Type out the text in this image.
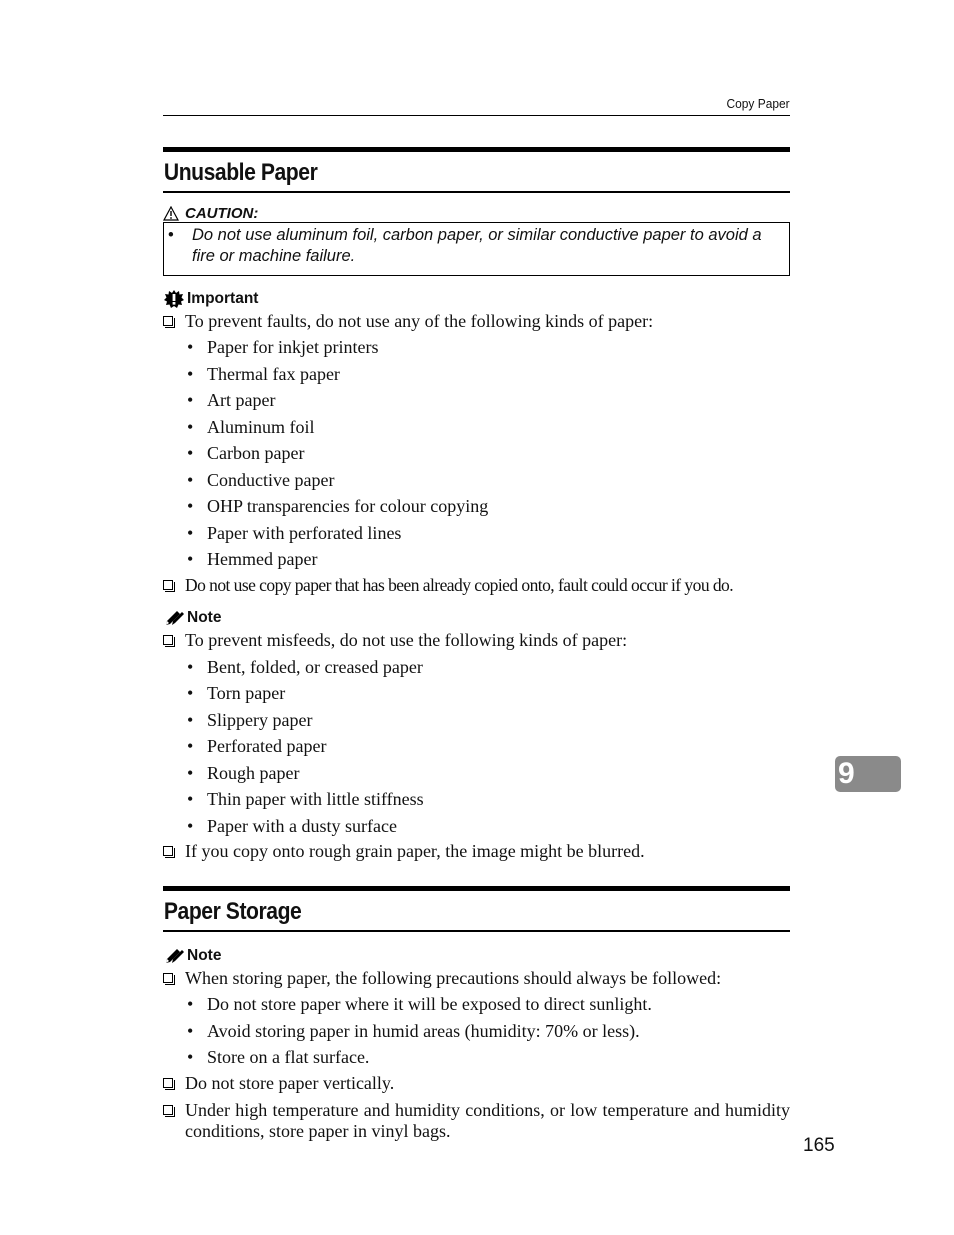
Copy Paper
Unusable Paper
CAUTION:
• Do not use aluminum foil, carbon paper, or similar conductive paper to avoid a fire or machine failure.
Important
To prevent faults, do not use any of the following kinds of paper:
• Paper for inkjet printers
• Thermal fax paper
• Art paper
• Aluminum foil
• Carbon paper
• Conductive paper
• OHP transparencies for colour copying
• Paper with perforated lines
• Hemmed paper
Do not use copy paper that has been already copied onto, fault could occur if you do.
Note
To prevent misfeeds, do not use the following kinds of paper:
• Bent, folded, or creased paper
• Torn paper
• Slippery paper
• Perforated paper
• Rough paper
• Thin paper with little stiffness
• Paper with a dusty surface
If you copy onto rough grain paper, the image might be blurred.
Paper Storage
Note
When storing paper, the following precautions should always be followed:
• Do not store paper where it will be exposed to direct sunlight.
• Avoid storing paper in humid areas (humidity: 70% or less).
• Store on a flat surface.
Do not store paper vertically.
Under high temperature and humidity conditions, or low temperature and humidity conditions, store paper in vinyl bags.
9
165
